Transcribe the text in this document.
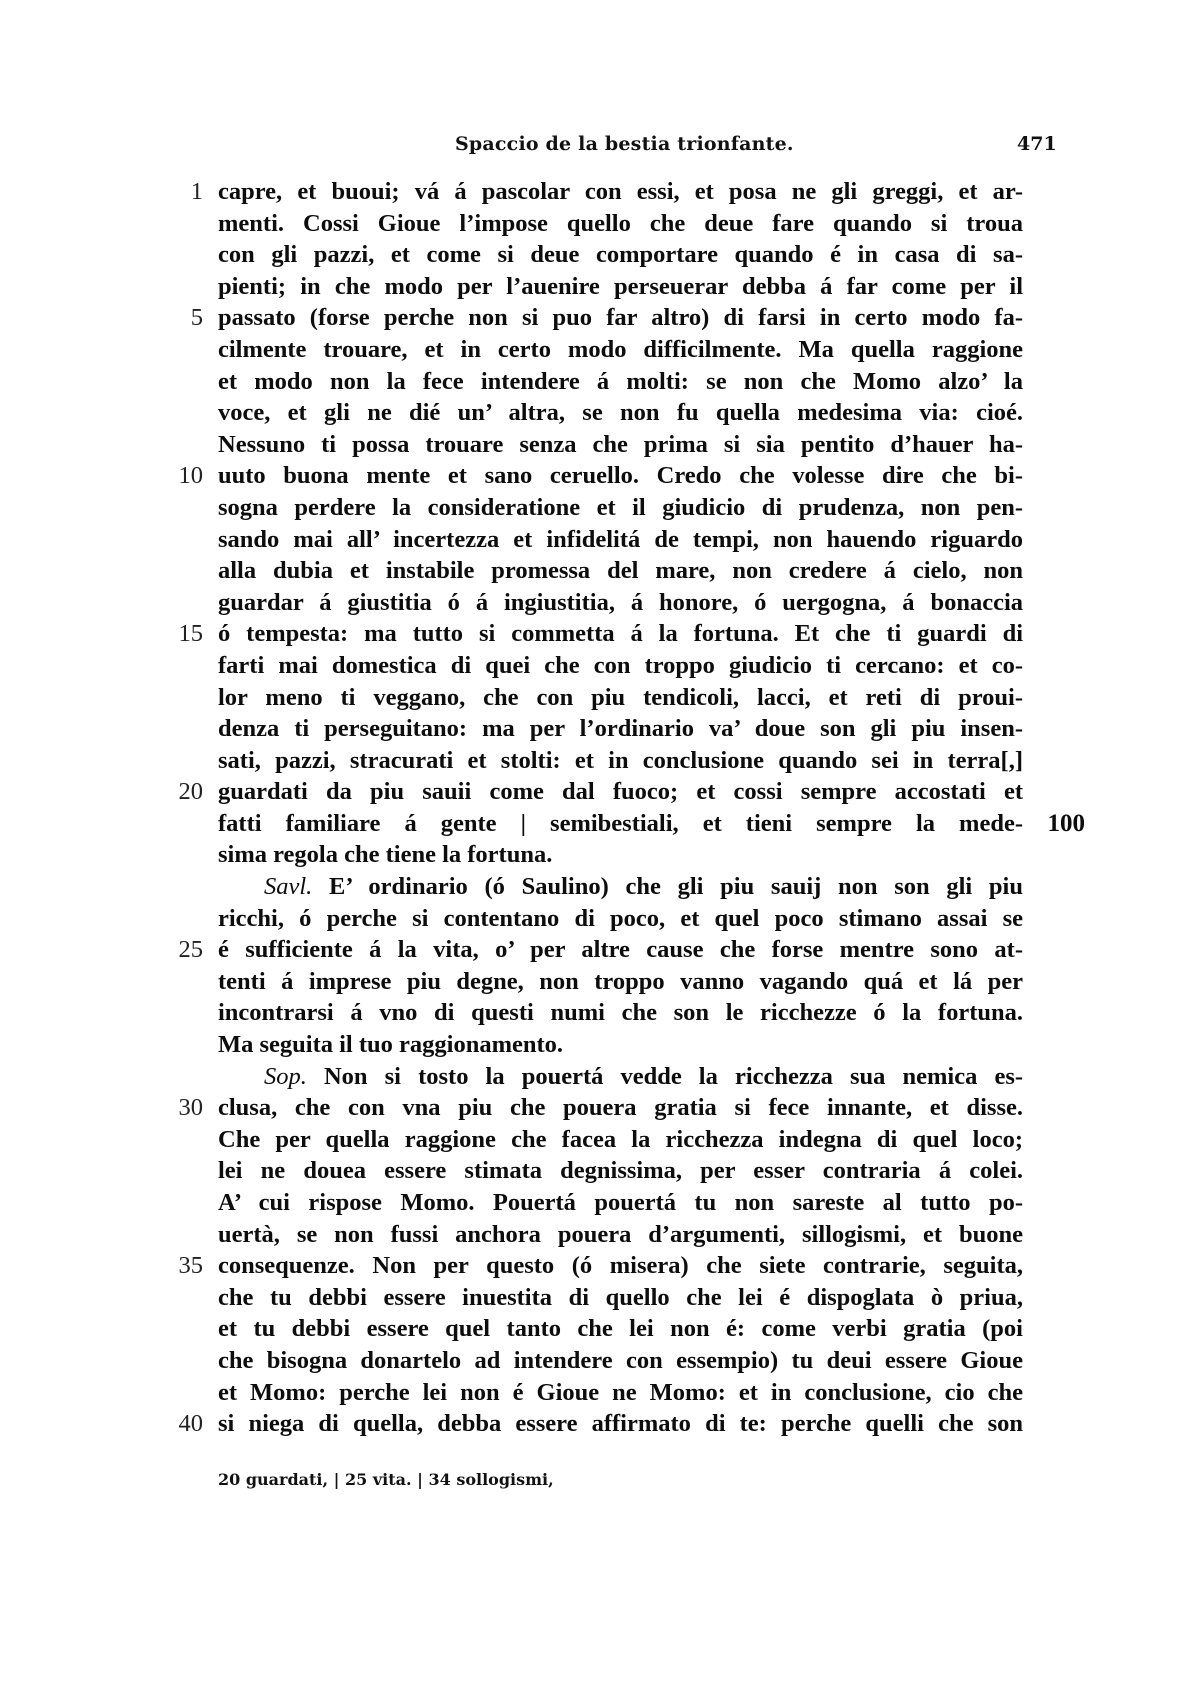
Spaccio de la bestia trionfante.	471
1 capre, et buoui; vá á pascolar con essi, et posa ne gli greggi, et ar-
menti. Cossi Gioue l’impose quello che deue fare quando si troua
con gli pazzi, et come si deue comportare quando é in casa di sa-
pienti; in che modo per l’auenire perseuerar debba á far come per il
5 passato (forse perche non si puo far altro) di farsi in certo modo fa-
cilmente trouare, et in certo modo difficilmente. Ma quella raggione
et modo non la fece intendere á molti: se non che Momo alzo’ la
voce, et gli ne dié un’ altra, se non fu quella medesima via: cioé.
Nessuno ti possa trouare senza che prima si sia pentito d’hauer ha-
10 uuto buona mente et sano ceruello. Credo che volesse dire che bi-
sogna perdere la consideratione et il giudicio di prudenza, non pen-
sando mai all’ incertezza et infidelitá de tempi, non hauendo riguardo
alla dubia et instabile promessa del mare, non credere á cielo, non
guardar á giustitia ó á ingiustitia, á honore, ó uergogna, á bonaccia
15 ó tempesta: ma tutto si commetta á la fortuna. Et che ti guardi di
farti mai domestica di quei che con troppo giudicio ti cercano: et co-
lor meno ti veggano, che con piu tendicoli, lacci, et reti di proui-
denza ti perseguitano: ma per l’ordinario va’ doue son gli piu insen-
sati, pazzi, stracurati et stolti: et in conclusione quando sei in terra[,]
20 guardati da piu sauii come dal fuoco; et cossi sempre accostati et
fatti familiare á gente | semibestiali, et tieni sempre la mede- 100
sima regola che tiene la fortuna.
Savl. E’ ordinario (ó Saulino) che gli piu sauij non son gli piu
ricchi, ó perche si contentano di poco, et quel poco stimano assai se
25 é sufficiente á la vita, o’ per altre cause che forse mentre sono at-
tenti á imprese piu degne, non troppo vanno vagando quá et lá per
incontrarsi á vno di questi numi che son le ricchezze ó la fortuna.
Ma seguita il tuo raggionamento.
Sop. Non si tosto la pouertá vedde la ricchezza sua nemica es-
30 clusa, che con vna piu che pouera gratia si fece innante, et disse.
Che per quella raggione che facea la ricchezza indegna di quel loco;
lei ne douea essere stimata degnissima, per esser contraria á colei.
A’ cui rispose Momo. Pouertá pouertá tu non sareste al tutto po-
uertà, se non fussi anchora pouera d’argumenti, sillogismi, et buone
35 consequenze. Non per questo (ó misera) che siete contrarie, seguita,
che tu debbi essere inuestita di quello che lei é dispoglata ò priua,
et tu debbi essere quel tanto che lei non é: come verbi gratia (poi
che bisogna donartelo ad intendere con essempio) tu deui essere Gioue
et Momo: perche lei non é Gioue ne Momo: et in conclusione, cio che
40 si niega di quella, debba essere affirmato di te: perche quelli che son
20 guardati, | 25 vita. | 34 sollogismi,
